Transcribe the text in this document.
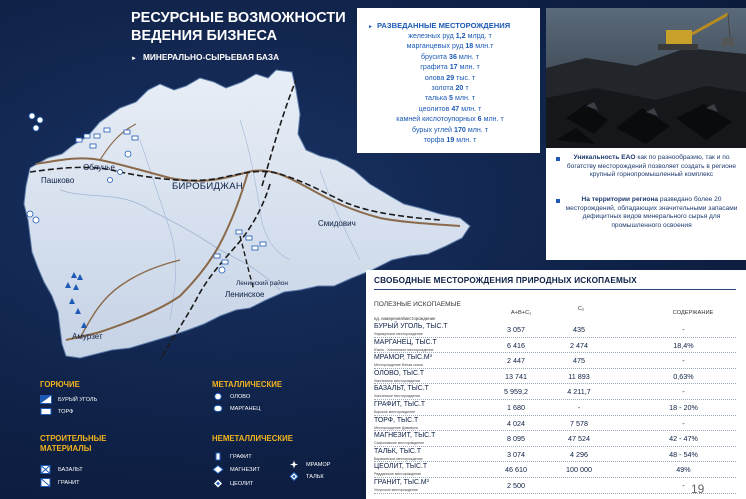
Облучье
Пашково
БИРОБИДЖАН
Смидович
Ленинский район
Ленинское
Амурзет
РЕСУРСНЫЕ ВОЗМОЖНОСТИ ВЕДЕНИЯ БИЗНЕСА
► МИНЕРАЛЬНО-СЫРЬЕВАЯ БАЗА
► РАЗВЕДАННЫЕ МЕСТОРОЖДЕНИЯ
железных руд 1,2 млрд. т
марганцевых руд 18 млн.т
брусита 36 млн. т
графита 17 млн. т
олова 29 тыс. т
золота 20 т
талька 5 млн. т
цеолитов 47 млн. т
камней кислотоупорных 6 млн. т
бурых углей 170 млн. т
торфа 19 млн. т
Уникальность ЕАО как по разнообразию, так и по богатству месторождений позволяет создать в регионе крупный горнопромышленный комплекс
На территории региона разведано более 20 месторождений, обладающих значительными запасами дефицитных видов минерального сырья для промышленного освоения
СВОБОДНЫЕ МЕСТОРОЖДЕНИЯ ПРИРОДНЫХ ИСКОПАЕМЫХ
ПОЛЕЗНЫЕ ИСКОПАЕМЫЕ
ед. измерения/месторождение
А+В+С₁
C₂
СОДЕРЖАНИЕ
БУРЫЙ УГОЛЬ, ТЫС.Т
Хаумкунское месторождение	3 057	435	-
МАРГАНЕЦ, ТЫС.Т
Южно - Хинганское месторождение	6 416	2 474	18,4%
МРАМОР, ТЫС.М³
Месторождение Белая скала	2 447	475	-
ОЛОВО, ТЫС.Т
Хинганское месторождение	13 741	11 893	0,63%
БАЗАЛЬТ, ТЫС.Т
Хинганское месторождение	5 959,2	4 211,7	-
ГРАФИТ, ТЫС.Т
Бирское месторождение	1 680	-	18 - 20%
ТОРФ, ТЫС.Т
Месторождение Дивмерга	4 024	7 578	-
МАГНЕЗИТ, ТЫС.Т
Сафоновское месторождение	8 095	47 524	42 - 47%
ТАЛЬК, ТЫС.Т
Биракинское месторождение	3 074	4 296	48 - 54%
ЦЕОЛИТ, ТЫС.Т
Радданское месторождение	46 610	100 000	49%
ГРАНИТ, ТЫС.М³
Унгунское месторождение	2 500	- 19
ГОРЮЧИЕ
БУРЫЙ УГОЛЬ
ТОРФ
МЕТАЛЛИЧЕСКИЕ
ОЛОВО
МАРГАНЕЦ
СТРОИТЕЛЬНЫЕ МАТЕРИАЛЫ
БАЗАЛЬТ
ГРАНИТ
НЕМЕТАЛЛИЧЕСКИЕ
ГРАФИТ
МАГНЕЗИТ
ЦЕОЛИТ
МРАМОР
ТАЛЬК
